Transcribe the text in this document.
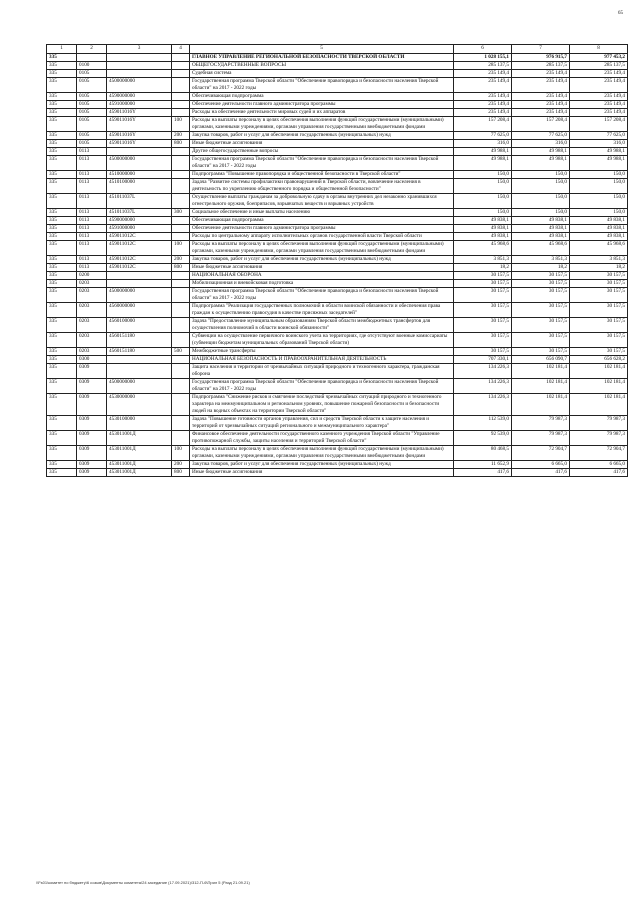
65
1	2	3	4	5	6	7	8
335				ГЛАВНОЕ УПРАВЛЕНИЕ РЕГИОНАЛЬНОЙ БЕЗОПАСНОСТИ ТВЕРСКОЙ ОБЛАСТИ	1 028 155,1	976 915,7	977 453,2
335	0100			ОБЩЕГОСУДАРСТВЕННЫЕ ВОПРОСЫ	285 137,5	285 137,5	285 137,5
335	0105			Судебная система	235 149,4	235 149,4	235 149,4
335	0105	4500000000		Государственная программа Тверской области "Обеспечение правопорядка и безопасности населения Тверской области" на 2017 - 2022 годы	235 149,4	235 149,4	235 149,4
335	0105	4590000000		Обеспечивающая подпрограмма	235 149,4	235 149,4	235 149,4
335	0105	4591000000		Обеспечение деятельности главного администратора программы	235 149,4	235 149,4	235 149,4
335	0105	459011016Y		Расходы на обеспечение деятельности мировых судей и их аппаратов	235 149,4	235 149,4	235 149,4
335	0105	459011016Y	100	Расходы на выплаты персоналу в целях обеспечения выполнения функций государственными (муниципальными) органами, казенными учреждениями, органами управления государственными внебюджетными фондами	157 208,4	157 208,4	157 208,4
335	0105	459011016Y	200	Закупка товаров, работ и услуг для обеспечения государственных (муниципальных) нужд	77 625,0	77 625,0	77 625,0
335	0105	459011016Y	800	Иные бюджетные ассигнования	316,0	316,0	316,0
335	0113			Другие общегосударственные вопросы	49 988,1	49 988,1	49 988,1
335	0113	4500000000		Государственная программа Тверской области "Обеспечение правопорядка и безопасности населения Тверской области" на 2017 - 2022 годы	49 988,1	49 988,1	49 988,1
335	0113	4510000000		Подпрограмма "Повышение правопорядка и общественной безопасности в Тверской области"	150,0	150,0	150,0
335	0113	4510100000		Задача "Развитие системы профилактики правонарушений в Тверской области, вовлечение населения в деятельность по укреплению общественного порядка и общественной безопасности"	150,0	150,0	150,0
335	0113	451011037L		Осуществление выплаты гражданам за добровольную сдачу в органы внутренних дел незаконно хранившихся огнестрельного оружия, боеприпасов, взрывчатых веществ и взрывных устройств	150,0	150,0	150,0
335	0113	451011037L	300	Социальное обеспечение и иные выплаты населению	150,0	150,0	150,0
335	0113	4590000000		Обеспечивающая подпрограмма	49 838,1	49 838,1	49 838,1
335	0113	4591000000		Обеспечение деятельности главного администратора программы	49 838,1	49 838,1	49 838,1
335	0113	459011012С		Расходы по центральному аппарату исполнительных органов государственной власти Тверской области	49 838,1	49 838,1	49 838,1
335	0113	459011012С	100	Расходы на выплаты персоналу в целях обеспечения выполнения функций государственными (муниципальными) органами, казенными учреждениями, органами управления государственными внебюджетными фондами	45 968,6	45 968,6	45 968,6
335	0113	459011012С	200	Закупка товаров, работ и услуг для обеспечения государственных (муниципальных) нужд	3 851,3	3 851,3	3 851,3
335	0113	459011012С	800	Иные бюджетные ассигнования	18,2	18,2	18,2
335	0200			НАЦИОНАЛЬНАЯ ОБОРОНА	30 157,5	30 157,5	30 157,5
335	0203			Мобилизационная и вневойсковая подготовка	30 157,5	30 157,5	30 157,5
335	0203	4500000000		Государственная программа Тверской области "Обеспечение правопорядка и безопасности населения Тверской области" на 2017 - 2022 годы	30 157,5	30 157,5	30 157,5
335	0203	4560000000		Подпрограмма "Реализация государственных полномочий в области воинской обязанности и обеспечения права граждан к осуществлению правосудия в качестве присяжных заседателей"	30 157,5	30 157,5	30 157,5
335	0203	4560100000		Задача "Предоставление муниципальным образованиям Тверской области межбюджетных трансфертов для осуществления полномочий в области воинской обязанности"	30 157,5	30 157,5	30 157,5
335	0203	4560151180		Субвенции на осуществление первичного воинского учета на территориях, где отсутствуют военные комиссариаты (субвенции бюджетам муниципальных образований Тверской области)	30 157,5	30 157,5	30 157,5
335	0203	4560151180	500	Межбюджетные трансферты	30 157,5	30 157,5	30 157,5
335	0300			НАЦИОНАЛЬНАЯ БЕЗОПАСНОСТЬ И ПРАВООХРАНИТЕЛЬНАЯ ДЕЯТЕЛЬНОСТЬ	707 330,1	656 090,7	656 628,2
335	0309			Защита населения и территории от чрезвычайных ситуаций природного и техногенного характера, гражданская оборона	134 226,3	102 181,4	102 181,4
335	0309	4500000000		Государственная программа Тверской области "Обеспечение правопорядка и безопасности населения Тверской области" на 2017 - 2022 годы	134 226,3	102 181,4	102 181,4
335	0309	4530000000		Подпрограмма "Снижение рисков и смягчение последствий чрезвычайных ситуаций природного и техногенного характера на межмуниципальном и региональном уровнях, повышение пожарной безопасности и безопасности людей на водных объектах на территории Тверской области"	134 226,3	102 181,4	102 181,4
335	0309	4530100000		Задача "Повышение готовности органов управления, сил и средств Тверской области к защите населения и территорий от чрезвычайных ситуаций регионального и межмуниципального характера"	112 539,0	79 987,3	79 987,3
335	0309	453011001Д		Финансовое обеспечение деятельности государственного казенного учреждения Тверской области "Управление противопожарной службы, защиты населения и территорий Тверской области"	92 539,0	79 987,3	79 987,3
335	0309	453011001Д	100	Расходы на выплаты персоналу в целях обеспечения выполнения функций государственными (муниципальными) органами, казенными учреждениями, органами управления государственными внебюджетными фондами	80 468,5	72 904,7	72 904,7
335	0309	453011001Д	200	Закупка товаров, работ и услуг для обеспечения государственных (муниципальных) нужд	11 652,9	6 665,0	6 665,0
335	0309	453011001Д	800	Иные бюджетные ассигнования	417,6	417,6	417,6
\\Fs01\комитет по бюджету\6 созыв\Документы комитета\24 заседание (17.09.2021)\312-П-6\Прил 5 (Разд 21.09.21)
